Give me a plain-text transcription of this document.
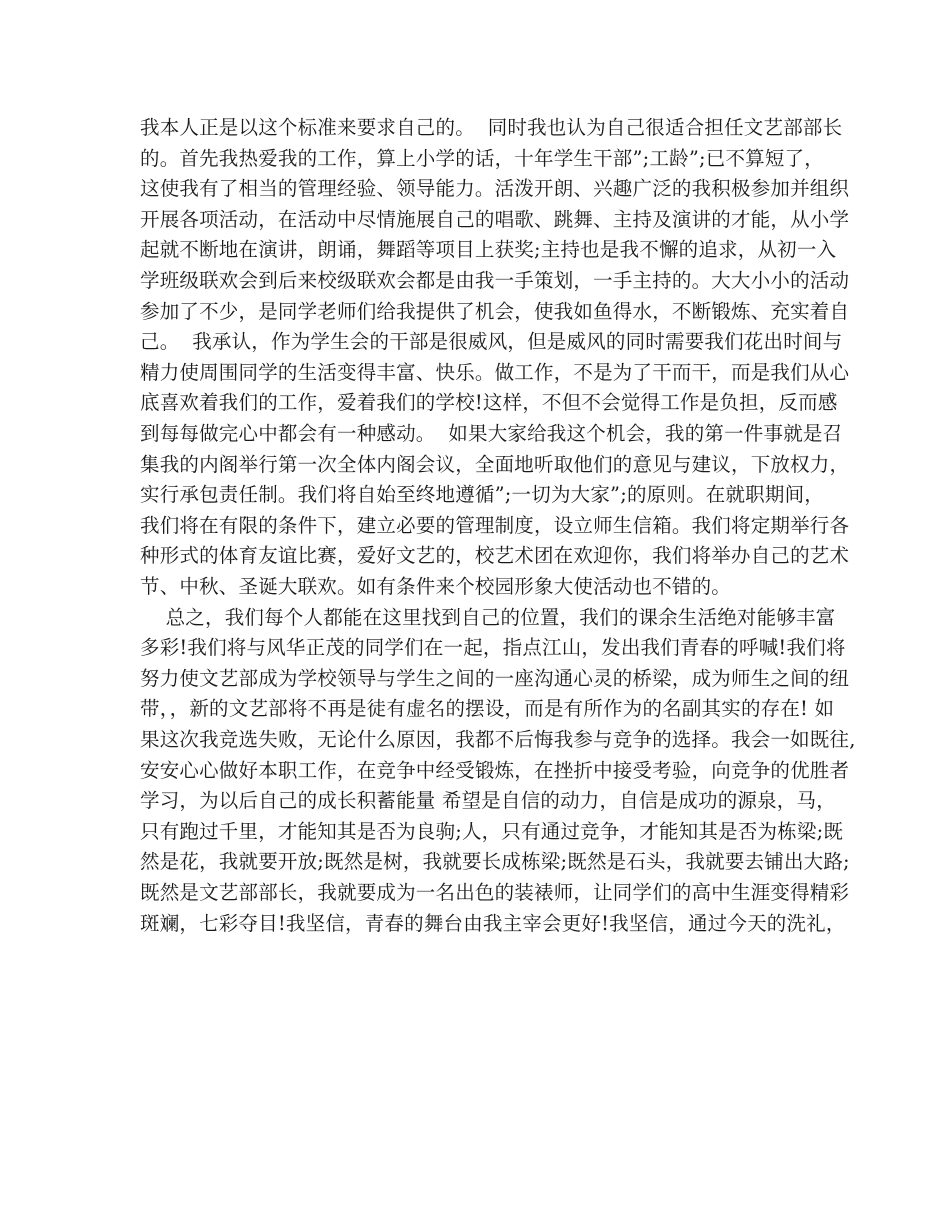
我本人正是以这个标准来要求自己的。  同时我也认为自己很适合担任文艺部部长
的。首先我热爱我的工作，算上小学的话，十年学生干部”;工龄”;已不算短了，
这使我有了相当的管理经验、领导能力。活泼开朗、兴趣广泛的我积极参加并组织
开展各项活动，在活动中尽情施展自己的唱歌、跳舞、主持及演讲的才能，从小学
起就不断地在演讲，朗诵，舞蹈等项目上获奖;主持也是我不懈的追求，从初一入
学班级联欢会到后来校级联欢会都是由我一手策划，一手主持的。大大小小的活动
参加了不少，是同学老师们给我提供了机会，使我如鱼得水，不断锻炼、充实着自
己。  我承认，作为学生会的干部是很威风，但是威风的同时需要我们花出时间与
精力使周围同学的生活变得丰富、快乐。做工作，不是为了干而干，而是我们从心
底喜欢着我们的工作，爱着我们的学校!这样，不但不会觉得工作是负担，反而感
到每每做完心中都会有一种感动。  如果大家给我这个机会，我的第一件事就是召
集我的内阁举行第一次全体内阁会议，全面地听取他们的意见与建议，下放权力，
实行承包责任制。我们将自始至终地遵循”;一切为大家”;的原则。在就职期间，
我们将在有限的条件下，建立必要的管理制度，设立师生信箱。我们将定期举行各
种形式的体育友谊比赛，爱好文艺的，校艺术团在欢迎你，我们将举办自己的艺术
节、中秋、圣诞大联欢。如有条件来个校园形象大使活动也不错的。
总之，我们每个人都能在这里找到自己的位置，我们的课余生活绝对能够丰富
多彩!我们将与风华正茂的同学们在一起，指点江山，发出我们青春的呼喊!我们将
努力使文艺部成为学校领导与学生之间的一座沟通心灵的桥梁，成为师生之间的纽
带，，新的文艺部将不再是徒有虚名的摆设，而是有所作为的名副其实的存在! 如
果这次我竞选失败，无论什么原因，我都不后悔我参与竞争的选择。我会一如既往,
安安心心做好本职工作，在竞争中经受锻炼，在挫折中接受考验，向竞争的优胜者
学习，为以后自己的成长积蓄能量 希望是自信的动力，自信是成功的源泉，马，
只有跑过千里，才能知其是否为良驹;人，只有通过竞争，才能知其是否为栋梁;既
然是花，我就要开放;既然是树，我就要长成栋梁;既然是石头，我就要去铺出大路;
既然是文艺部部长，我就要成为一名出色的装裱师，让同学们的高中生涯变得精彩
斑斓，七彩夺目!我坚信，青春的舞台由我主宰会更好!我坚信，通过今天的洗礼，
